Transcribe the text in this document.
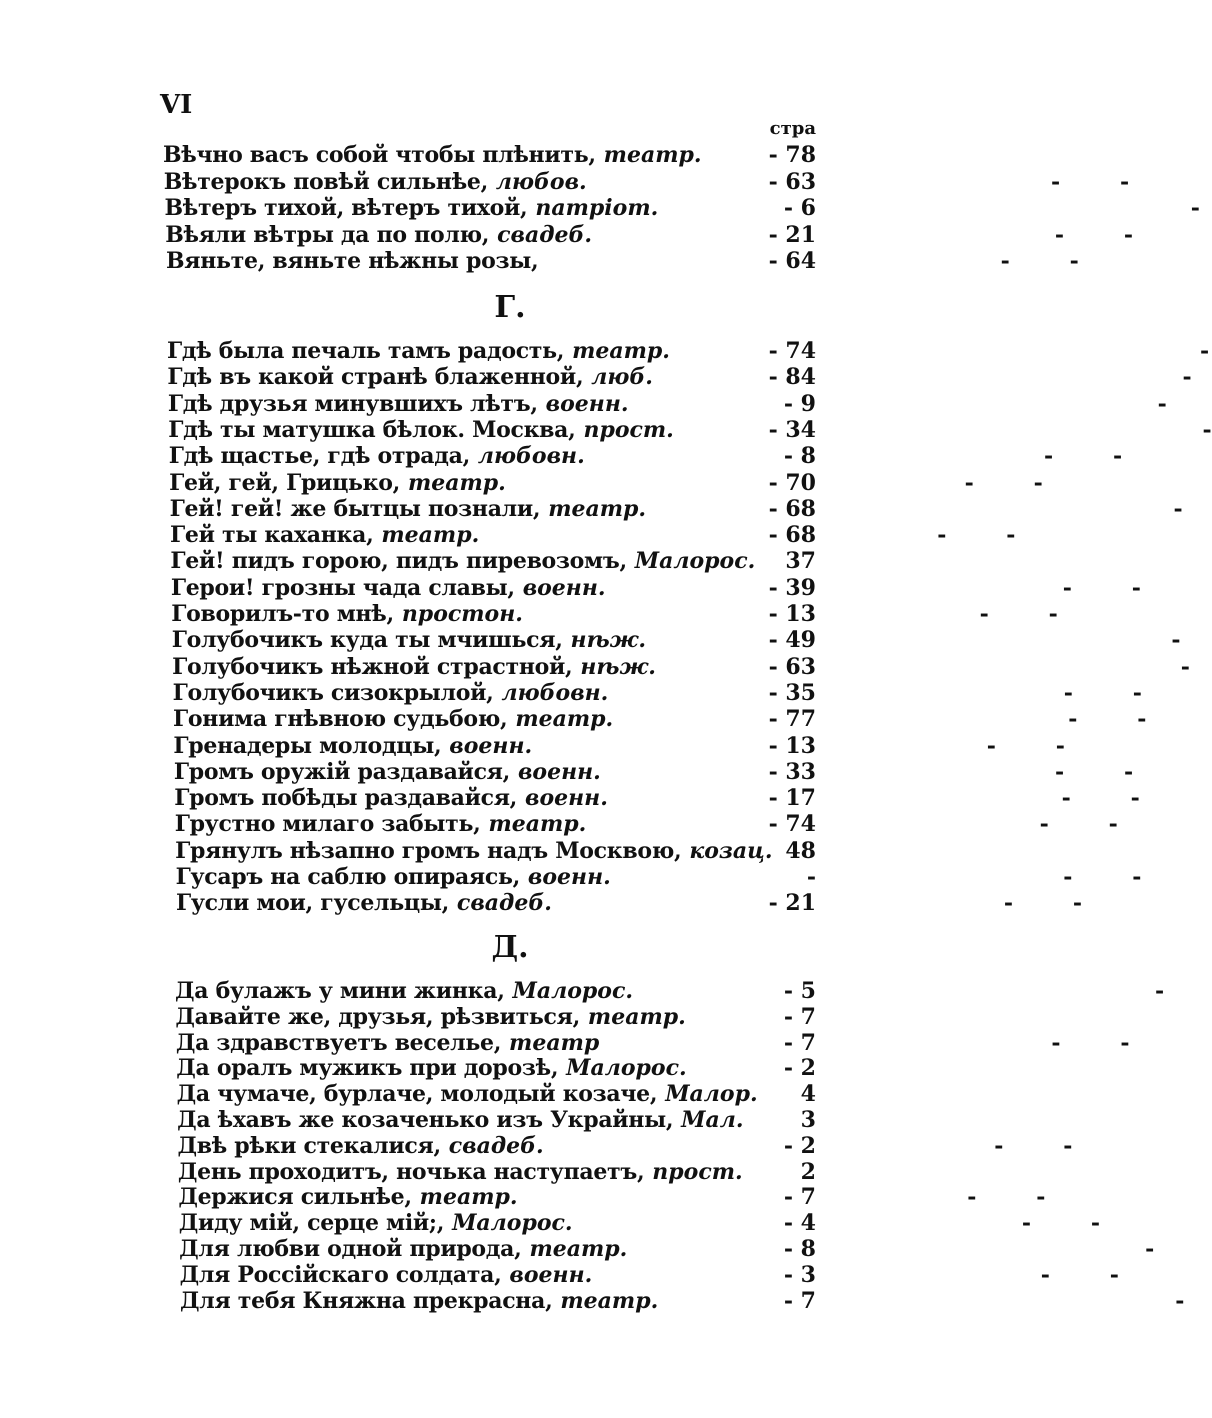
VI
стра
Вѣчно васъ собой чтобы плѣнить, театр.	- 78
Вѣтерокъ повѣй сильнѣе, любов.	- 63	-
-
Вѣтеръ тихой, вѣтеръ тихой, патріот.	- 6	-
Вѣяли вѣтры да по полю, свадеб.	- 21	-
-
Вяньте, вяньте нѣжны розы,	- 64	-
-
Г.
Гдѣ была печаль тамъ радость, театр.	- 74	-
Гдѣ въ какой странѣ блаженной, люб.	- 84	-
Гдѣ друзья минувшихъ лѣтъ, военн.	- 9	-
Гдѣ ты матушка бѣлок. Москва, прост.	- 34	-
Гдѣ щастье, гдѣ отрада, любовн.	- 8	-
-
Гей, гей, Грицько, театр.	- 70	-
-
Гей! гей! же бытцы познали, театр.	- 68	-
Гей ты каханка, театр.	- 68	-
-
Гей! пидъ горою, пидъ пиревозомъ, Малорос.	37
Герои! грозны чада славы, военн.	- 39	-
-
Говорилъ-то мнѣ, простон.	- 13	-
-
Голубочикъ куда ты мчишься, нѣж.	- 49	-
Голубочикъ нѣжной страстной, нѣж.	- 63	-
Голубочикъ сизокрылой, любовн.	- 35	-
-
Гонима гнѣвною судьбою, театр.	- 77	-
-
Гренадеры молодцы, военн.	- 13	-
-
Громъ оружій раздавайся, военн.	- 33	-
-
Громъ побѣды раздавайся, военн.	- 17	-
-
Грустно милаго забыть, театр.	- 74	-
-
Грянулъ нѣзапно громъ надъ Москвою, козац. 48
Гусаръ на саблю опираясь, военн.	-	-
-
Гусли мои, гусельцы, свадеб.	- 21	-
-
Д.
Да булажъ у мини жинка, Малорос.	- 5	-
Давайте же, друзья, рѣзвиться, театр.	- 7
Да здравствуетъ веселье, театр	- 7	-
-
Да оралъ мужикъ при дорозѣ, Малорос.	- 2
Да чумаче, бурлаче, молодый козаче, Малор.	4
Да ѣхавъ же козаченько изъ Украйны, Мал.	3
Двѣ рѣки стекалися, свадеб.	- 2	-
-
День проходитъ, ночька наступаетъ, прост.	2
Держися сильнѣе, театр.	- 7	-
-
Диду мій, серце мій;, Малорос.	- 4	-
-
Для любви одной природа, театр.	- 8	-
Для Россійскаго солдата, военн.	- 3	-
-
Для тебя Княжна прекрасна, театр.	- 7	-
